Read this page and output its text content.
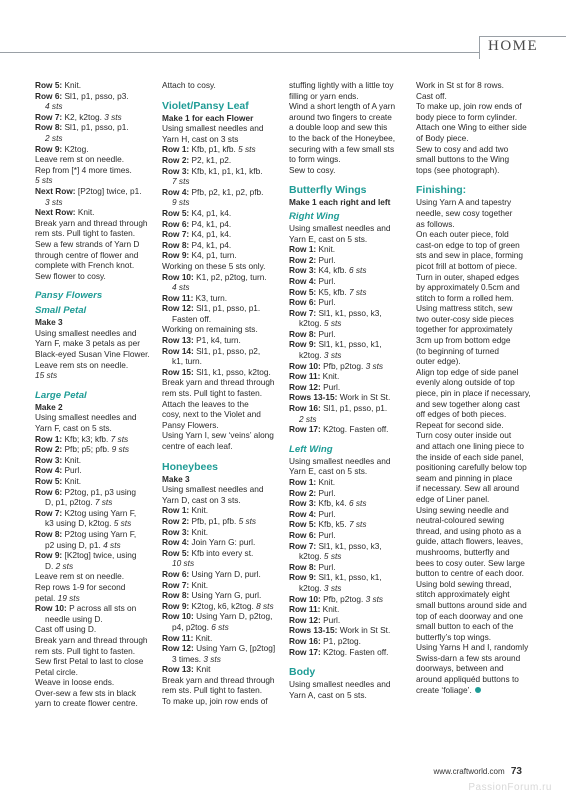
HOME
Row 5: Knit.
Row 6: Sl1, p1, psso, p3.
4 sts
Row 7: K2, k2tog. 3 sts
Row 8: Sl1, p1, psso, p1.
2 sts
Row 9: K2tog.
Leave rem st on needle.
Rep from [*] 4 more times.
5 sts
Next Row: [P2tog] twice, p1.
3 sts
Next Row: Knit.
Break yarn and thread through
rem sts. Pull tight to fasten.
Sew a few strands of Yarn D
through centre of flower and
complete with French knot.
Sew flower to cosy.
Pansy Flowers
Small Petal
Make 3
Using smallest needles and
Yarn F, make 3 petals as per
Black-eyed Susan Vine Flower.
Leave rem sts on needle.
15 sts
Large Petal
Make 2
Using smallest needles and
Yarn F, cast on 5 sts.
Row 1: Kfb; k3; kfb. 7 sts
Row 2: Pfb; p5; pfb. 9 sts
Row 3: Knit.
Row 4: Purl.
Row 5: Knit.
Row 6: P2tog, p1, p3 using
D, p1, p2tog. 7 sts
Row 7: K2tog using Yarn F,
k3 using D, k2tog. 5 sts
Row 8: P2tog using Yarn F,
p2 using D, p1. 4 sts
Row 9: [K2tog] twice, using
D. 2 sts
Leave rem st on needle.
Rep rows 1-9 for second
petal. 19 sts
Row 10: P across all sts on
needle using D.
Cast off using D.
Break yarn and thread through
rem sts. Pull tight to fasten.
Sew first Petal to last to close
Petal circle.
Weave in loose ends.
Over-sew a few sts in black
yarn to create flower centre.
Attach to cosy.
Violet/Pansy Leaf
Make 1 for each Flower
Using smallest needles and
Yarn H, cast on 3 sts
Row 1: Kfb, p1, kfb. 5 sts
Row 2: P2, k1, p2.
Row 3: Kfb, k1, p1, k1, kfb.
7 sts
Row 4: Pfb, p2, k1, p2, pfb.
9 sts
Row 5: K4, p1, k4.
Row 6: P4, k1, p4.
Row 7: K4, p1, k4.
Row 8: P4, k1, p4.
Row 9: K4, p1, turn.
Working on these 5 sts only.
Row 10: K1, p2, p2tog, turn.
4 sts
Row 11: K3, turn.
Row 12: Sl1, p1, psso, p1.
Fasten off.
Working on remaining sts.
Row 13: P1, k4, turn.
Row 14: Sl1, p1, psso, p2,
k1, turn.
Row 15: Sl1, k1, psso, k2tog.
Break yarn and thread through
rem sts. Pull tight to fasten.
Attach the leaves to the
cosy, next to the Violet and
Pansy Flowers.
Using Yarn I, sew ‘veins’ along
centre of each leaf.
Honeybees
Make 3
Using smallest needles and
Yarn D, cast on 3 sts.
Row 1: Knit.
Row 2: Pfb, p1, pfb. 5 sts
Row 3: Knit.
Row 4: Join Yarn G: purl.
Row 5: Kfb into every st.
10 sts
Row 6: Using Yarn D, purl.
Row 7: Knit.
Row 8: Using Yarn G, purl.
Row 9: K2tog, k6, k2tog. 8 sts
Row 10: Using Yarn D, p2tog,
p4, p2tog. 6 sts
Row 11: Knit.
Row 12: Using Yarn G, [p2tog]
3 times. 3 sts
Row 13: Knit
Break yarn and thread through
rem sts. Pull tight to fasten.
To make up, join row ends of
stuffing lightly with a little toy
filling or yarn ends.
Wind a short length of A yarn
around two fingers to create
a double loop and sew this
to the back of the Honeybee,
securing with a few small sts
to form wings.
Sew to cosy.
Butterfly Wings
Make 1 each right and left
Right Wing
Using smallest needles and
Yarn E, cast on 5 sts.
Row 1: Knit.
Row 2: Purl.
Row 3: K4, kfb. 6 sts
Row 4: Purl.
Row 5: K5, kfb. 7 sts
Row 6: Purl.
Row 7: Sl1, k1, psso, k3,
k2tog. 5 sts
Row 8: Purl.
Row 9: Sl1, k1, psso, k1,
k2tog. 3 sts
Row 10: Pfb, p2tog. 3 sts
Row 11: Knit.
Row 12: Purl.
Rows 13-15: Work in St St.
Row 16: Sl1, p1, psso, p1.
2 sts
Row 17: K2tog. Fasten off.
Left Wing
Using smallest needles and
Yarn E, cast on 5 sts.
Row 1: Knit.
Row 2: Purl.
Row 3: Kfb, k4. 6 sts
Row 4: Purl.
Row 5: Kfb, k5. 7 sts
Row 6: Purl.
Row 7: Sl1, k1, psso, k3,
k2tog. 5 sts
Row 8: Purl.
Row 9: Sl1, k1, psso, k1,
k2tog. 3 sts
Row 10: Pfb, p2tog. 3 sts
Row 11: Knit.
Row 12: Purl.
Rows 13-15: Work in St St.
Row 16: P1, p2tog.
Row 17: K2tog. Fasten off.
Body
Using smallest needles and
Yarn A, cast on 5 sts.
Work in St st for 8 rows.
Cast off.
To make up, join row ends of
body piece to form cylinder.
Attach one Wing to either side
of Body piece.
Sew to cosy and add two
small buttons to the Wing
tops (see photograph).
Finishing:
Using Yarn A and tapestry
needle, sew cosy together
as follows.
On each outer piece, fold
cast-on edge to top of green
sts and sew in place, forming
picot frill at bottom of piece.
Turn in outer, shaped edges
by approximately 0.5cm and
stitch to form a rolled hem.
Using mattress stitch, sew
two outer-cosy side pieces
together for approximately
3cm up from bottom edge
(to beginning of turned
outer edge).
Align top edge of side panel
evenly along outside of top
piece, pin in place if necessary,
and sew together along cast
off edges of both pieces.
Repeat for second side.
Turn cosy outer inside out
and attach one lining piece to
the inside of each side panel,
positioning carefully below top
seam and pinning in place
if necessary. Sew all around
edge of Liner panel.
Using sewing needle and
neutral-coloured sewing
thread, and using photo as a
guide, attach flowers, leaves,
mushrooms, butterfly and
bees to cosy outer. Sew large
button to centre of each door.
Using bold sewing thread,
stitch approximately eight
small buttons around side and
top of each doorway and one
small button to each of the
butterfly’s top wings.
Using Yarns H and I, randomly
Swiss-darn a few sts around
doorways, between and
around appliquéd buttons to
create ‘foliage’.
www.craftworld.com 73
PassionForum.ru
